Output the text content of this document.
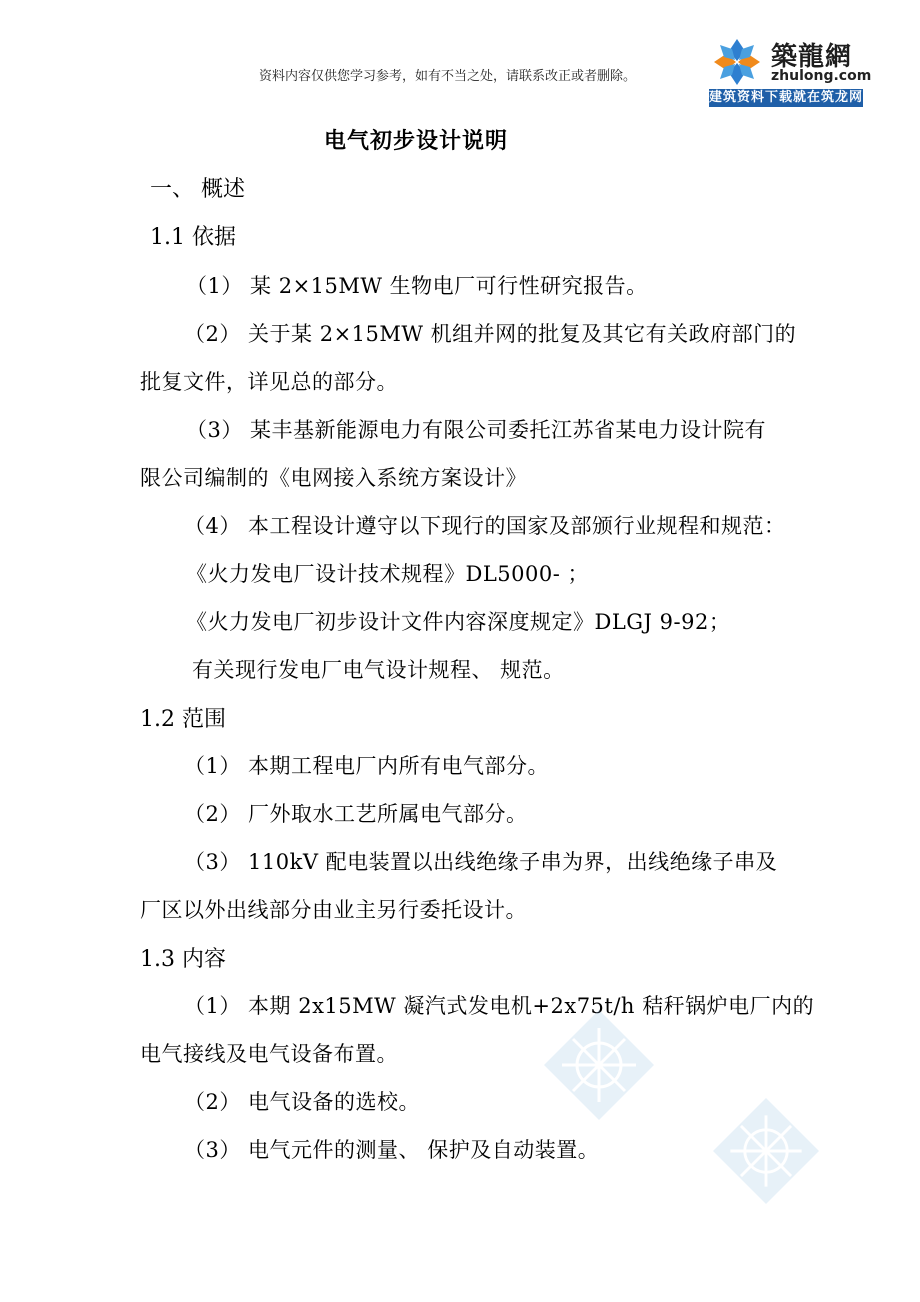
资料内容仅供您学习参考，如有不当之处，请联系改正或者删除。
築龍網
zhulong.com
建筑资料下载就在筑龙网
电气初步设计说明
一、 概述
1.1 依据
（1） 某 2×15MW 生物电厂可行性研究报告。
（2） 关于某 2×15MW 机组并网的批复及其它有关政府部门的
批复文件，详见总的部分。
（3） 某丰基新能源电力有限公司委托江苏省某电力设计院有
限公司编制的《电网接入系统方案设计》
（4） 本工程设计遵守以下现行的国家及部颁行业规程和规范：
《火力发电厂设计技术规程》DL5000- ；
《火力发电厂初步设计文件内容深度规定》DLGJ 9-92；
有关现行发电厂电气设计规程、 规范。
1.2 范围
（1） 本期工程电厂内所有电气部分。
（2） 厂外取水工艺所属电气部分。
（3） 110kV 配电装置以出线绝缘子串为界，出线绝缘子串及
厂区以外出线部分由业主另行委托设计。
1.3 内容
（1） 本期 2x15MW 凝汽式发电机+2x75t/h 秸秆锅炉电厂内的
电气接线及电气设备布置。
（2） 电气设备的选校。
（3） 电气元件的测量、 保护及自动装置。
